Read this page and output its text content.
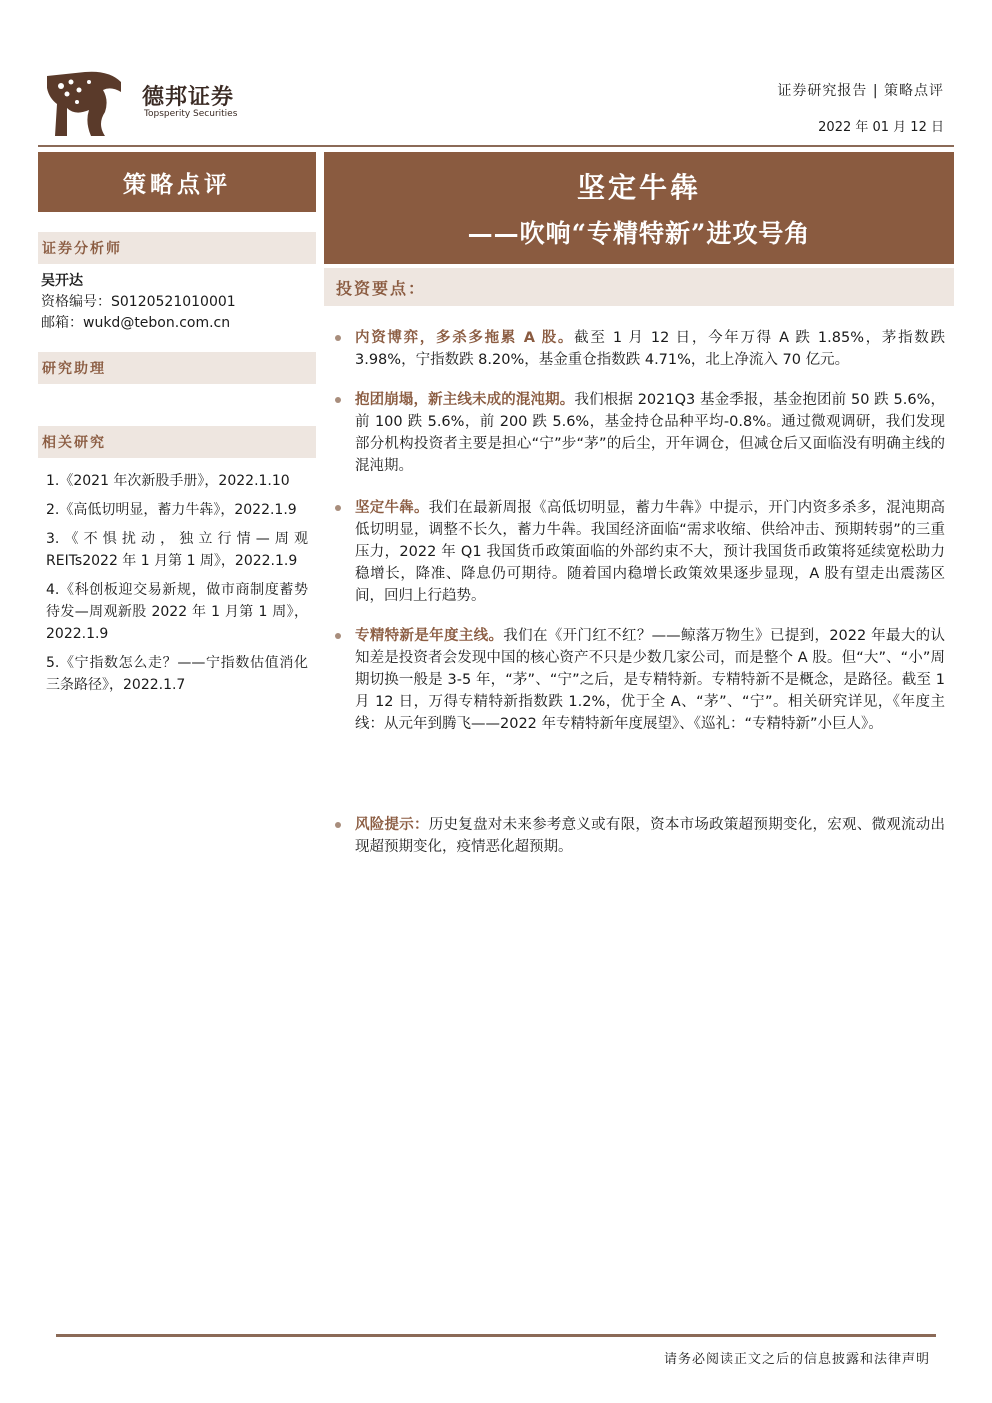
德邦证券
Topsperity Securities
证券研究报告 | 策略点评
2022 年 01 月 12 日
策略点评
证券分析师
吴开达
资格编号：S0120521010001
邮箱：wukd@tebon.com.cn
研究助理
相关研究
1.《2021 年次新股手册》，2022.1.10
2.《高低切明显，蓄力牛犇》，2022.1.9
3.《不惧扰动，独立行情—周观REITs2022 年 1 月第 1 周》，2022.1.9
4.《科创板迎交易新规，做市商制度蓄势待发—周观新股 2022 年 1 月第 1 周》，2022.1.9
5.《宁指数怎么走？——宁指数估值消化三条路径》，2022.1.7
坚定牛犇
——吹响“专精特新”进攻号角
投资要点：

内资博弈，多杀多拖累 A 股。截至 1 月 12 日，今年万得 A 跌 1.85%，茅指数跌 3.98%，宁指数跌 8.20%，基金重仓指数跌 4.71%，北上净流入 70 亿元。

抱团崩塌，新主线未成的混沌期。我们根据 2021Q3 基金季报，基金抱团前 50 跌 5.6%，前 100 跌 5.6%，前 200 跌 5.6%，基金持仓品种平均-0.8%。通过微观调研，我们发现部分机构投资者主要是担心“宁”步“茅”的后尘，开年调仓，但减仓后又面临没有明确主线的混沌期。

坚定牛犇。我们在最新周报《高低切明显，蓄力牛犇》中提示，开门内资多杀多，混沌期高低切明显，调整不长久，蓄力牛犇。我国经济面临“需求收缩、供给冲击、预期转弱”的三重压力，2022 年 Q1 我国货币政策面临的外部约束不大，预计我国货币政策将延续宽松助力稳增长，降准、降息仍可期待。随着国内稳增长政策效果逐步显现，A 股有望走出震荡区间，回归上行趋势。

专精特新是年度主线。我们在《开门红不红？——鲸落万物生》已提到，2022 年最大的认知差是投资者会发现中国的核心资产不只是少数几家公司，而是整个 A 股。但“大”、“小”周期切换一般是 3-5 年，“茅”、“宁”之后，是专精特新。专精特新不是概念，是路径。截至 1 月 12 日，万得专精特新指数跌 1.2%，优于全 A、“茅”、“宁”。相关研究详见，《年度主线：从元年到腾飞——2022 年专精特新年度展望》、《巡礼：“专精特新”小巨人》。

风险提示：历史复盘对未来参考意义或有限，资本市场政策超预期变化，宏观、微观流动出现超预期变化，疫情恶化超预期。

请务必阅读正文之后的信息披露和法律声明
